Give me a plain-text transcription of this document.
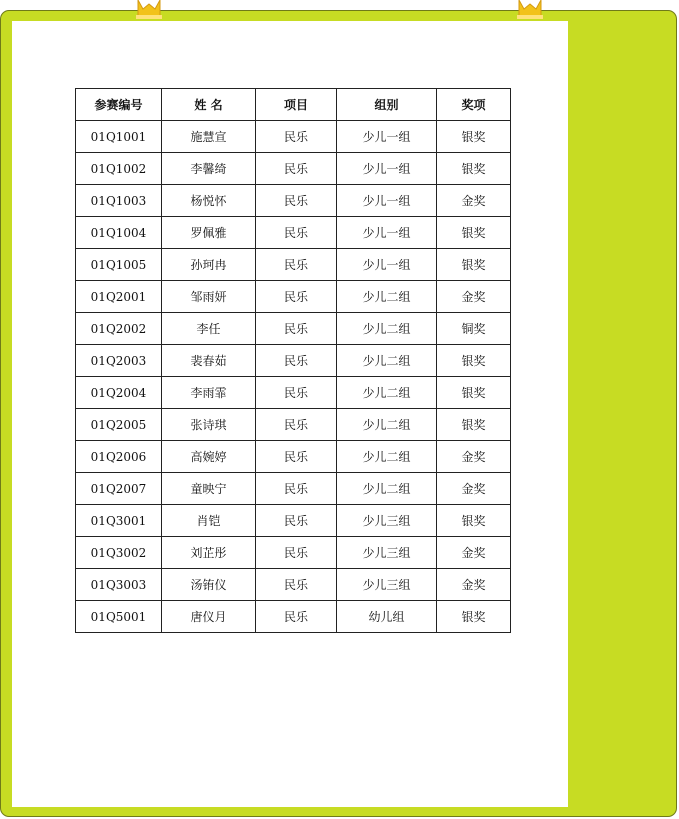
参赛编号	姓 名	项目	组别	奖项
01Q1001	施慧宣	民乐	少儿一组	银奖
01Q1002	李馨绮	民乐	少儿一组	银奖
01Q1003	杨悦怀	民乐	少儿一组	金奖
01Q1004	罗佩雅	民乐	少儿一组	银奖
01Q1005	孙珂冉	民乐	少儿一组	银奖
01Q2001	邹雨妍	民乐	少儿二组	金奖
01Q2002	李任	民乐	少儿二组	铜奖
01Q2003	裴春茹	民乐	少儿二组	银奖
01Q2004	李雨霏	民乐	少儿二组	银奖
01Q2005	张诗琪	民乐	少儿二组	银奖
01Q2006	高婉婷	民乐	少儿二组	金奖
01Q2007	童映宁	民乐	少儿二组	金奖
01Q3001	肖铠	民乐	少儿三组	银奖
01Q3002	刘芷彤	民乐	少儿三组	金奖
01Q3003	汤铕仪	民乐	少儿三组	金奖
01Q5001	唐仪月	民乐	幼儿组	银奖
